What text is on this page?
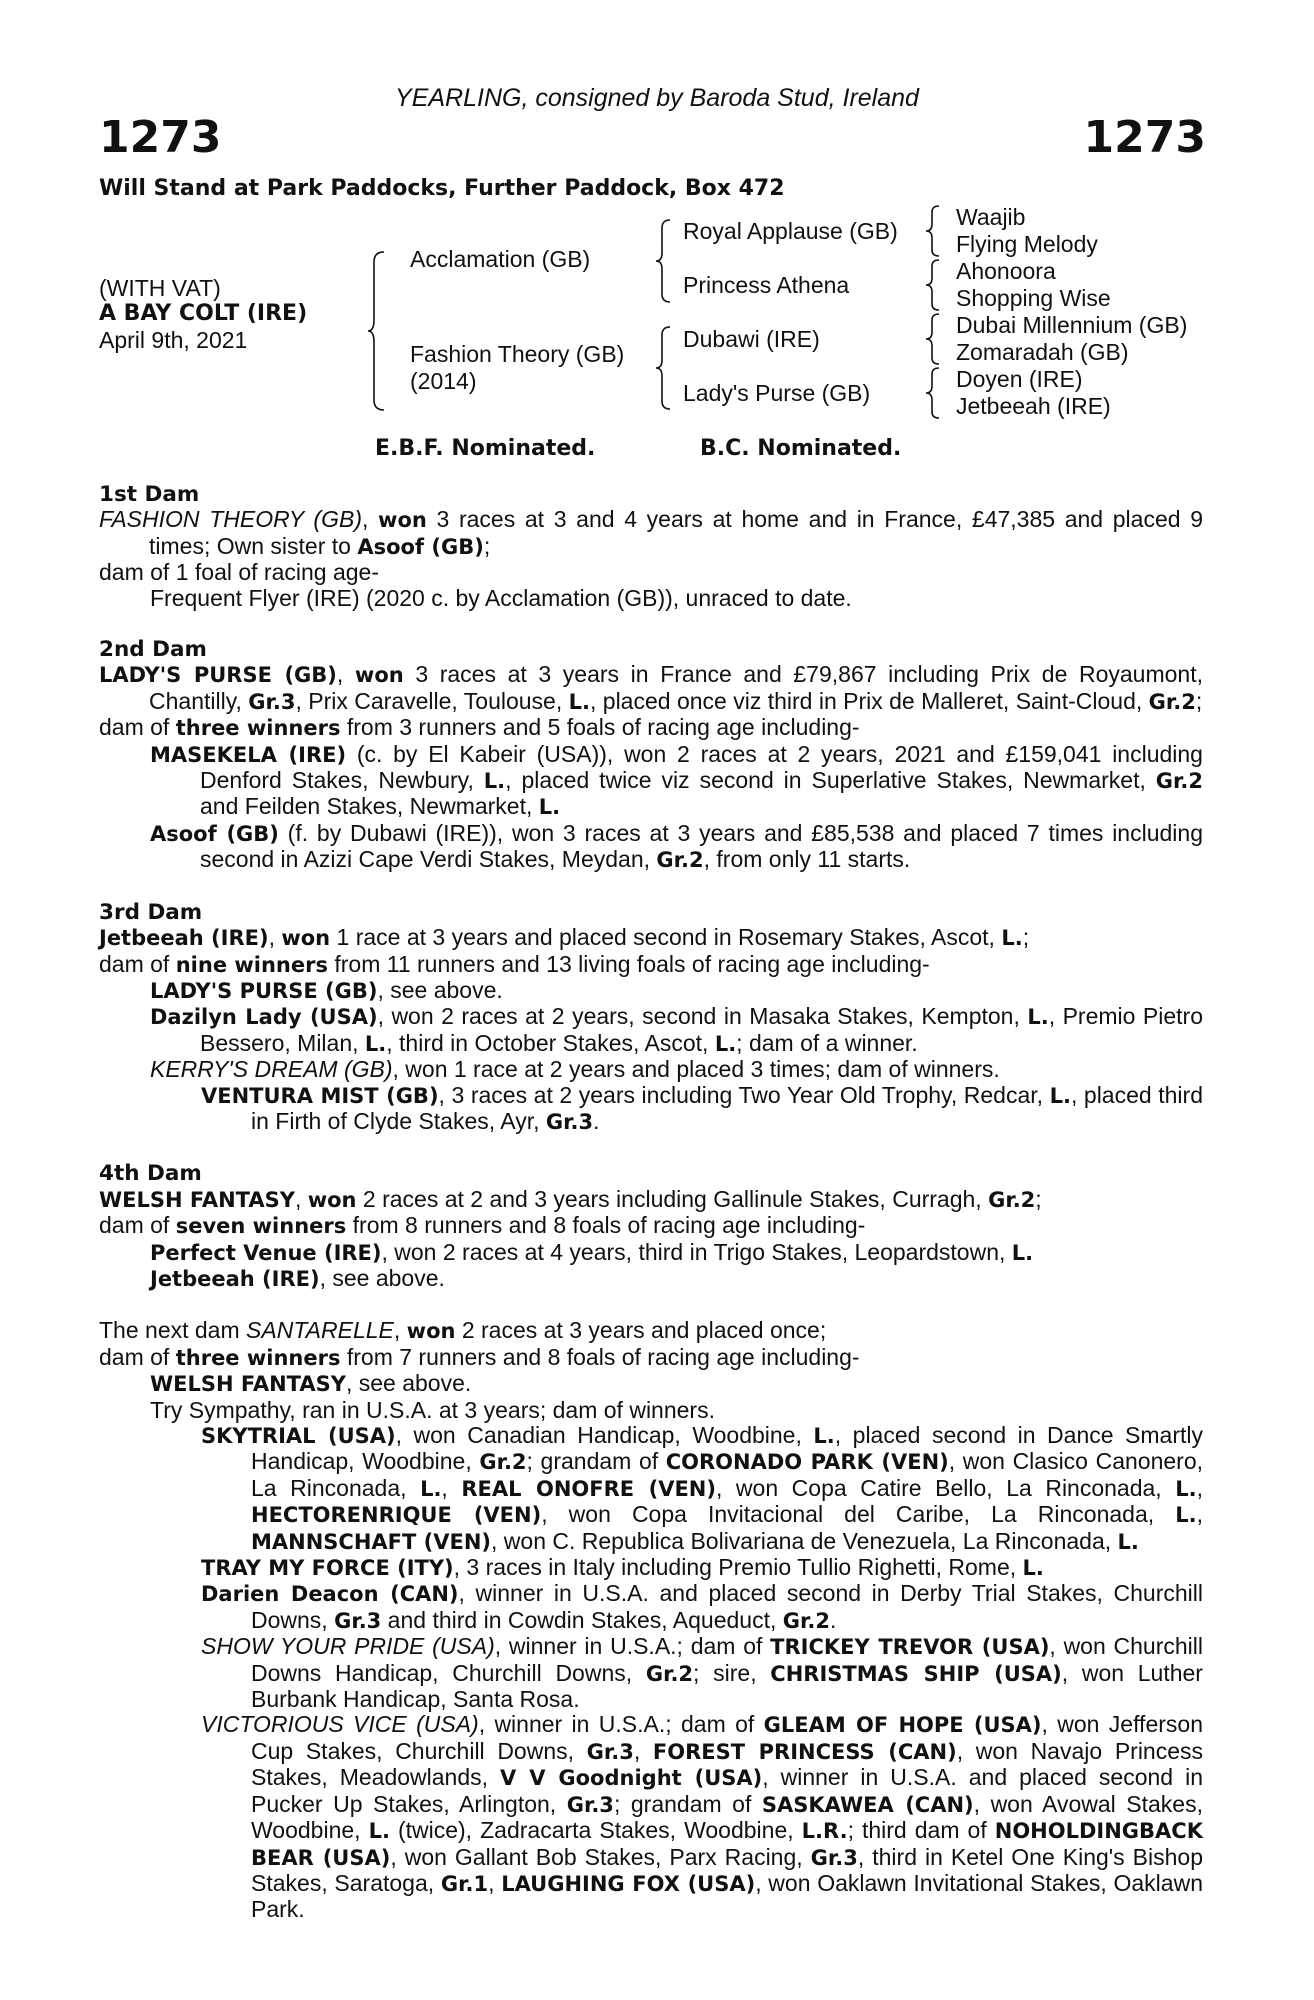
YEARLING, consigned by Baroda Stud, Ireland
1273	1273
Will Stand at Park Paddocks, Further Paddock, Box 472
(WITH VAT)
A BAY COLT (IRE)
April 9th, 2021
Acclamation (GB)
Fashion Theory (GB)
(2014)
Royal Applause (GB)
Princess Athena
Dubawi (IRE)
Lady's Purse (GB)
Waajib
Flying Melody
Ahonoora
Shopping Wise
Dubai Millennium (GB)
Zomaradah (GB)
Doyen (IRE)
Jetbeeah (IRE)
E.B.F. Nominated.	B.C. Nominated.
1st Dam
FASHION THEORY (GB), won 3 races at 3 and 4 years at home and in France, £47,385 and placed 9 times; Own sister to Asoof (GB);
dam of 1 foal of racing age-
Frequent Flyer (IRE) (2020 c. by Acclamation (GB)), unraced to date.
2nd Dam
LADY'S PURSE (GB), won 3 races at 3 years in France and £79,867 including Prix de Royaumont, Chantilly, Gr.3, Prix Caravelle, Toulouse, L., placed once viz third in Prix de Malleret, Saint-Cloud, Gr.2;
dam of three winners from 3 runners and 5 foals of racing age including-
MASEKELA (IRE) (c. by El Kabeir (USA)), won 2 races at 2 years, 2021 and £159,041 including Denford Stakes, Newbury, L., placed twice viz second in Superlative Stakes, Newmarket, Gr.2 and Feilden Stakes, Newmarket, L.
Asoof (GB) (f. by Dubawi (IRE)), won 3 races at 3 years and £85,538 and placed 7 times including second in Azizi Cape Verdi Stakes, Meydan, Gr.2, from only 11 starts.
3rd Dam
Jetbeeah (IRE), won 1 race at 3 years and placed second in Rosemary Stakes, Ascot, L.;
dam of nine winners from 11 runners and 13 living foals of racing age including-
LADY'S PURSE (GB), see above.
Dazilyn Lady (USA), won 2 races at 2 years, second in Masaka Stakes, Kempton, L., Premio Pietro Bessero, Milan, L., third in October Stakes, Ascot, L.; dam of a winner.
KERRY'S DREAM (GB), won 1 race at 2 years and placed 3 times; dam of winners.
VENTURA MIST (GB), 3 races at 2 years including Two Year Old Trophy, Redcar, L., placed third in Firth of Clyde Stakes, Ayr, Gr.3.
4th Dam
WELSH FANTASY, won 2 races at 2 and 3 years including Gallinule Stakes, Curragh, Gr.2;
dam of seven winners from 8 runners and 8 foals of racing age including-
Perfect Venue (IRE), won 2 races at 4 years, third in Trigo Stakes, Leopardstown, L.
Jetbeeah (IRE), see above.
The next dam SANTARELLE, won 2 races at 3 years and placed once;
dam of three winners from 7 runners and 8 foals of racing age including-
WELSH FANTASY, see above.
Try Sympathy, ran in U.S.A. at 3 years; dam of winners.
SKYTRIAL (USA), won Canadian Handicap, Woodbine, L., placed second in Dance Smartly Handicap, Woodbine, Gr.2; grandam of CORONADO PARK (VEN), won Clasico Canonero, La Rinconada, L., REAL ONOFRE (VEN), won Copa Catire Bello, La Rinconada, L., HECTORENRIQUE (VEN), won Copa Invitacional del Caribe, La Rinconada, L., MANNSCHAFT (VEN), won C. Republica Bolivariana de Venezuela, La Rinconada, L.
TRAY MY FORCE (ITY), 3 races in Italy including Premio Tullio Righetti, Rome, L.
Darien Deacon (CAN), winner in U.S.A. and placed second in Derby Trial Stakes, Churchill Downs, Gr.3 and third in Cowdin Stakes, Aqueduct, Gr.2.
SHOW YOUR PRIDE (USA), winner in U.S.A.; dam of TRICKEY TREVOR (USA), won Churchill Downs Handicap, Churchill Downs, Gr.2; sire, CHRISTMAS SHIP (USA), won Luther Burbank Handicap, Santa Rosa.
VICTORIOUS VICE (USA), winner in U.S.A.; dam of GLEAM OF HOPE (USA), won Jefferson Cup Stakes, Churchill Downs, Gr.3, FOREST PRINCESS (CAN), won Navajo Princess Stakes, Meadowlands, V V Goodnight (USA), winner in U.S.A. and placed second in Pucker Up Stakes, Arlington, Gr.3; grandam of SASKAWEA (CAN), won Avowal Stakes, Woodbine, L. (twice), Zadracarta Stakes, Woodbine, L.R.; third dam of NOHOLDINGBACK BEAR (USA), won Gallant Bob Stakes, Parx Racing, Gr.3, third in Ketel One King's Bishop Stakes, Saratoga, Gr.1, LAUGHING FOX (USA), won Oaklawn Invitational Stakes, Oaklawn Park.
